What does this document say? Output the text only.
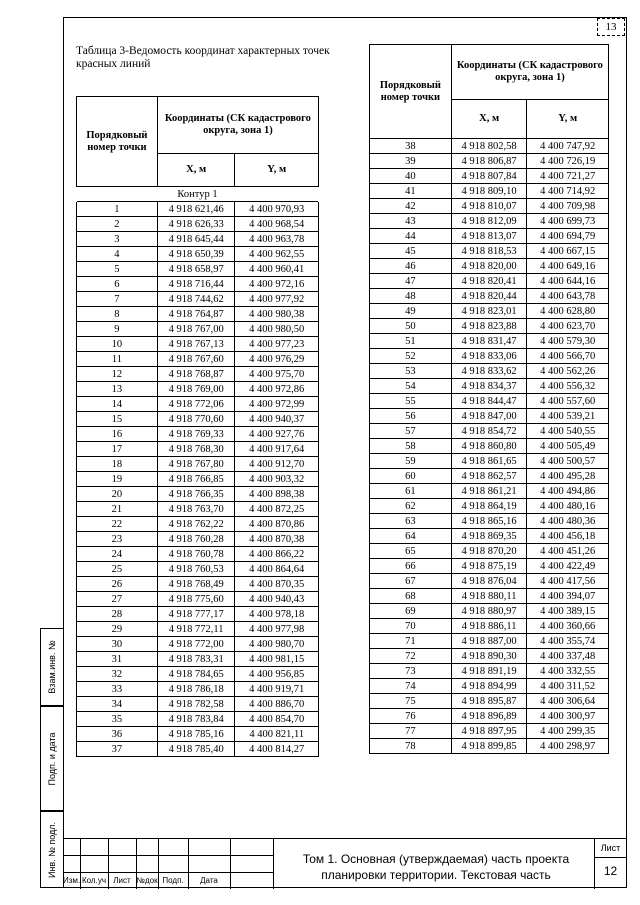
13
Таблица 3-Ведомость координат характерных точек красных линий
Порядковый номер точки	Координаты (СК кадастрового округа, зона 1)	
	X, м	Y, м
Контур 1		
1	4 918 621,46	4 400 970,93
2	4 918 626,33	4 400 968,54
3	4 918 645,44	4 400 963,78
4	4 918 650,39	4 400 962,55
5	4 918 658,97	4 400 960,41
6	4 918 716,44	4 400 972,16
7	4 918 744,62	4 400 977,92
8	4 918 764,87	4 400 980,38
9	4 918 767,00	4 400 980,50
10	4 918 767,13	4 400 977,23
11	4 918 767,60	4 400 976,29
12	4 918 768,87	4 400 975,70
13	4 918 769,00	4 400 972,86
14	4 918 772,06	4 400 972,99
15	4 918 770,60	4 400 940,37
16	4 918 769,33	4 400 927,76
17	4 918 768,30	4 400 917,64
18	4 918 767,80	4 400 912,70
19	4 918 766,85	4 400 903,32
20	4 918 766,35	4 400 898,38
21	4 918 763,70	4 400 872,25
22	4 918 762,22	4 400 870,86
23	4 918 760,28	4 400 870,38
24	4 918 760,78	4 400 866,22
25	4 918 760,53	4 400 864,64
26	4 918 768,49	4 400 870,35
27	4 918 775,60	4 400 940,43
28	4 918 777,17	4 400 978,18
29	4 918 772,11	4 400 977,98
30	4 918 772,00	4 400 980,70
31	4 918 783,31	4 400 981,15
32	4 918 784,65	4 400 956,85
33	4 918 786,18	4 400 919,71
34	4 918 782,58	4 400 886,70
35	4 918 783,84	4 400 854,70
36	4 918 785,16	4 400 821,11
37	4 918 785,40	4 400 814,27
Порядковый номер точки	Координаты (СК кадастрового округа, зона 1)	
	X, м	Y, м
38	4 918 802,58	4 400 747,92
39	4 918 806,87	4 400 726,19
40	4 918 807,84	4 400 721,27
41	4 918 809,10	4 400 714,92
42	4 918 810,07	4 400 709,98
43	4 918 812,09	4 400 699,73
44	4 918 813,07	4 400 694,79
45	4 918 818,53	4 400 667,15
46	4 918 820,00	4 400 649,16
47	4 918 820,41	4 400 644,16
48	4 918 820,44	4 400 643,78
49	4 918 823,01	4 400 628,80
50	4 918 823,88	4 400 623,70
51	4 918 831,47	4 400 579,30
52	4 918 833,06	4 400 566,70
53	4 918 833,62	4 400 562,26
54	4 918 834,37	4 400 556,32
55	4 918 844,47	4 400 557,60
56	4 918 847,00	4 400 539,21
57	4 918 854,72	4 400 540,55
58	4 918 860,80	4 400 505,49
59	4 918 861,65	4 400 500,57
60	4 918 862,57	4 400 495,28
61	4 918 861,21	4 400 494,86
62	4 918 864,19	4 400 480,16
63	4 918 865,16	4 400 480,36
64	4 918 869,35	4 400 456,18
65	4 918 870,20	4 400 451,26
66	4 918 875,19	4 400 422,49
67	4 918 876,04	4 400 417,56
68	4 918 880,11	4 400 394,07
69	4 918 880,97	4 400 389,15
70	4 918 886,11	4 400 360,66
71	4 918 887,00	4 400 355,74
72	4 918 890,30	4 400 337,48
73	4 918 891,19	4 400 332,55
74	4 918 894,99	4 400 311,52
75	4 918 895,87	4 400 306,64
76	4 918 896,89	4 400 300,97
77	4 918 897,95	4 400 299,35
78	4 918 899,85	4 400 298,97
Взам.инв. №
Подп. и дата
Инв. № подл.
Изм. Кол.уч Лист №док Подп.	Дата
Том 1. Основная (утверждаемая) часть проекта планировки территории. Текстовая часть
Лист
12
